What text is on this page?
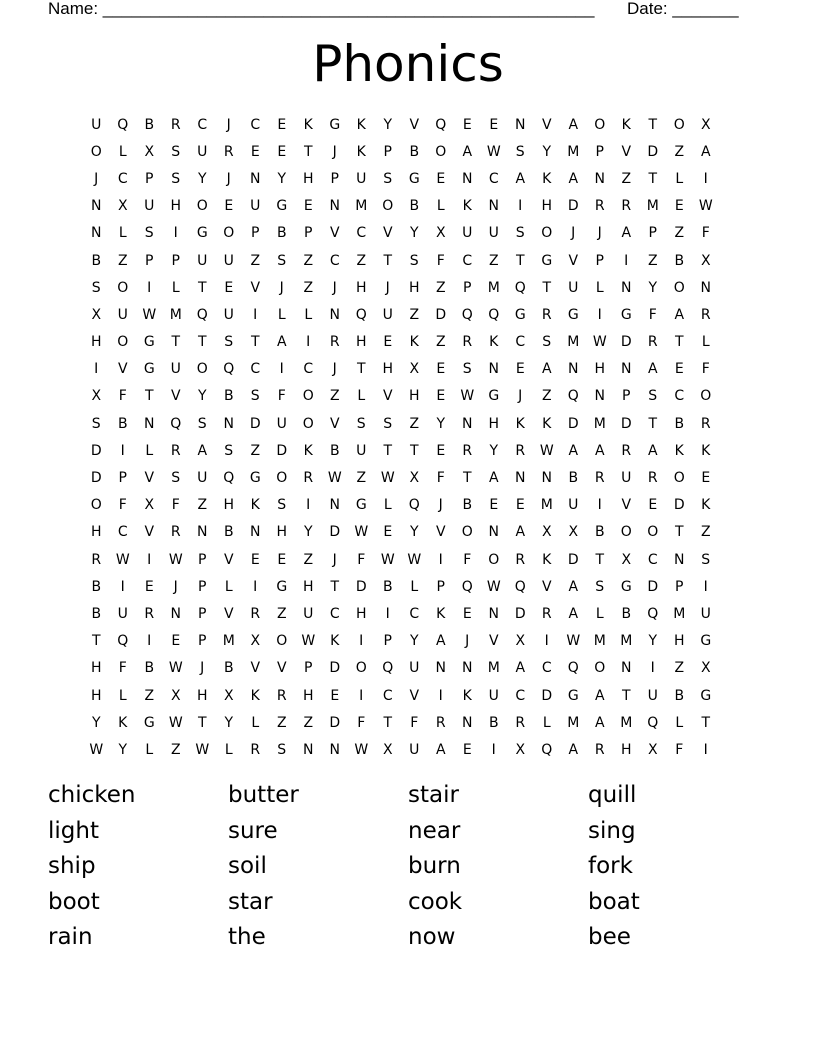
Name: ____________________________________________________ Date: _______
Phonics
U	Q	B	R	C	J	C	E	K	G	K	Y	V	Q	E	E	N	V	A	O	K	T	O	X
O	L	X	S	U	R	E	E	T	J	K	P	B	O	A	W	S	Y	M	P	V	D	Z	A
J	C	P	S	Y	J	N	Y	H	P	U	S	G	E	N	C	A	K	A	N	Z	T	L	I
N	X	U	H	O	E	U	G	E	N	M	O	B	L	K	N	I	H	D	R	R	M	E	W
N	L	S	I	G	O	P	B	P	V	C	V	Y	X	U	U	S	O	J	J	A	P	Z	F
B	Z	P	P	U	U	Z	S	Z	C	Z	T	S	F	C	Z	T	G	V	P	I	Z	B	X
S	O	I	L	T	E	V	J	Z	J	H	J	H	Z	P	M	Q	T	U	L	N	Y	O	N
X	U	W M	Q	U	I	L	L	N	Q	U	Z	D	Q	Q	G	R	G	I	G	F	A	R
H	O	G	T	T	S	T	A	I	R	H	E	K	Z	R	K	C	S	M W	D	R	T	L
I	V	G	U	O	Q	C	I	C	J	T	H	X	E	S	N	E	A	N	H	N	A	E	F
X	F	T	V	Y	B	S	F	O	Z	L	V	H	E	W	G	J	Z	Q	N	P	S	C	O
S	B	N	Q	S	N	D	U	O	V	S	S	Z	Y	N	H	K	K	D	M	D	T	B	R
D	I	L	R	A	S	Z	D	K	B	U	T	T	E	R	Y	R	W	A	A	R	A	K	K
D	P	V	S	U	Q	G	O	R	W	Z	W	X	F	T	A	N	N	B	R	U	R	O	E
O	F	X	F	Z	H	K	S	I	N	G	L	Q	J	B	E	E	M	U	I	V	E	D	K
H	C	V	R	N	B	N	H	Y	D	W	E	Y	V	O	N	A	X	X	B	O	O	T	Z
R	W	I	W	P	V	E	E	Z	J	F	W W	I	F	O	R	K	D	T	X	C	N	S
B	I	E	J	P	L	I	G	H	T	D	B	L	P	Q	W	Q	V	A	S	G	D	P	I
B	U	R	N	P	V	R	Z	U	C	H	I	C	K	E	N	D	R	A	L	B	Q	M	U
T	Q	I	E	P	M	X	O	W	K	I	P	Y	A	J	V	X	I	W M	M	Y	H	G
H	F	B	W	J	B	V	V	P	D	O	Q	U	N	N	M	A	C	Q	O	N	I	Z	X
H	L	Z	X	H	X	K	R	H	E	I	C	V	I	K	U	C	D	G	A	T	U	B	G
Y	K	G	W	T	Y	L	Z	Z	D	F	T	F	R	N	B	R	L	M	A	M	Q	L	T
W	Y	L	Z	W	L	R	S	N	N	W	X	U	A	E	I	X	Q	A	R	H	X	F	I
chicken	butter	stair	quill
light	sure	near	sing
ship	soil	burn	fork
boot	star	cook	boat
rain	the	now	bee
